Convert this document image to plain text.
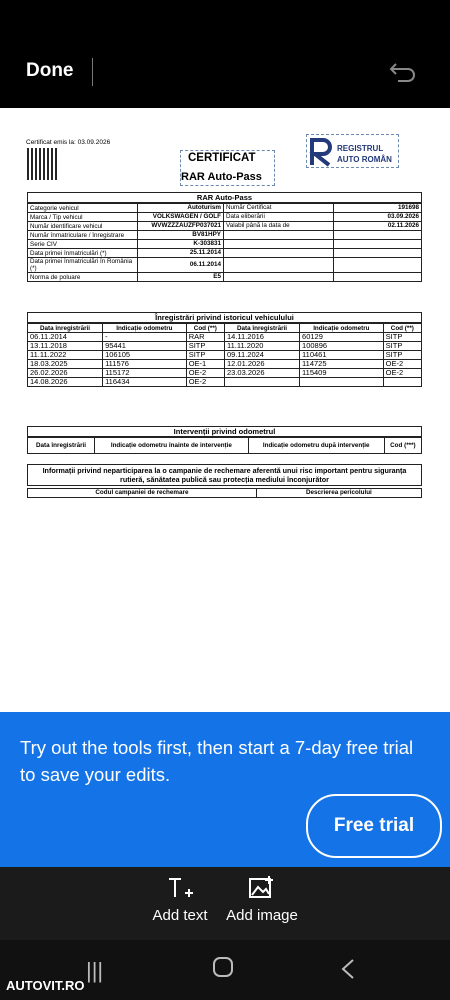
Done
Certificat emis la: 03.09.2026
CERTIFICAT
RAR Auto-Pass
REGISTRUL
AUTO ROMÂN
RAR Auto-Pass
Categorie vehicul	Autoturism	Număr Certificat	191698
Marca / Tip vehicul	VOLKSWAGEN / GOLF	Data eliberării	03.09.2026
Număr identificare vehicul	WVWZZZAUZFP037021	Valabil până la data de	02.11.2026
Număr înmatriculare / înregistrare	BV81HPY		
Serie CIV	K-303831		
Data primei înmatriculări (*)	25.11.2014		
Data primei înmatriculări în România (*)	06.11.2014		
Norma de poluare	E5		
Înregistrări privind istoricul vehiculului
Data înregistrării	Indicație odometru	Cod (**)	Data înregistrării	Indicație odometru	Cod (**)
06.11.2014	-	RAR	14.11.2016	60129	SITP
13.11.2018	95441	SITP	11.11.2020	100896	SITP
11.11.2022	106105	SITP	09.11.2024	110461	SITP
18.03.2025	111576	OE-1	12.01.2026	114725	OE-2
26.02.2026	115172	OE-2	23.03.2026	115409	OE-2
14.08.2026	116434	OE-2			
Intervenții privind odometrul
Data înregistrării	Indicație odometru înainte de intervenție	Indicație odometru după intervenție	Cod (***)
Informații privind neparticiparea la o campanie de rechemare aferentă unui risc important pentru siguranța rutieră, sănătatea publică sau protecția mediului înconjurător
Codul campaniei de rechemare	Descrierea pericolului
Try out the tools first, then start a 7-day free trial to save your edits.
Free trial
Add text	Add image
|||
AUTOVIT.RO
